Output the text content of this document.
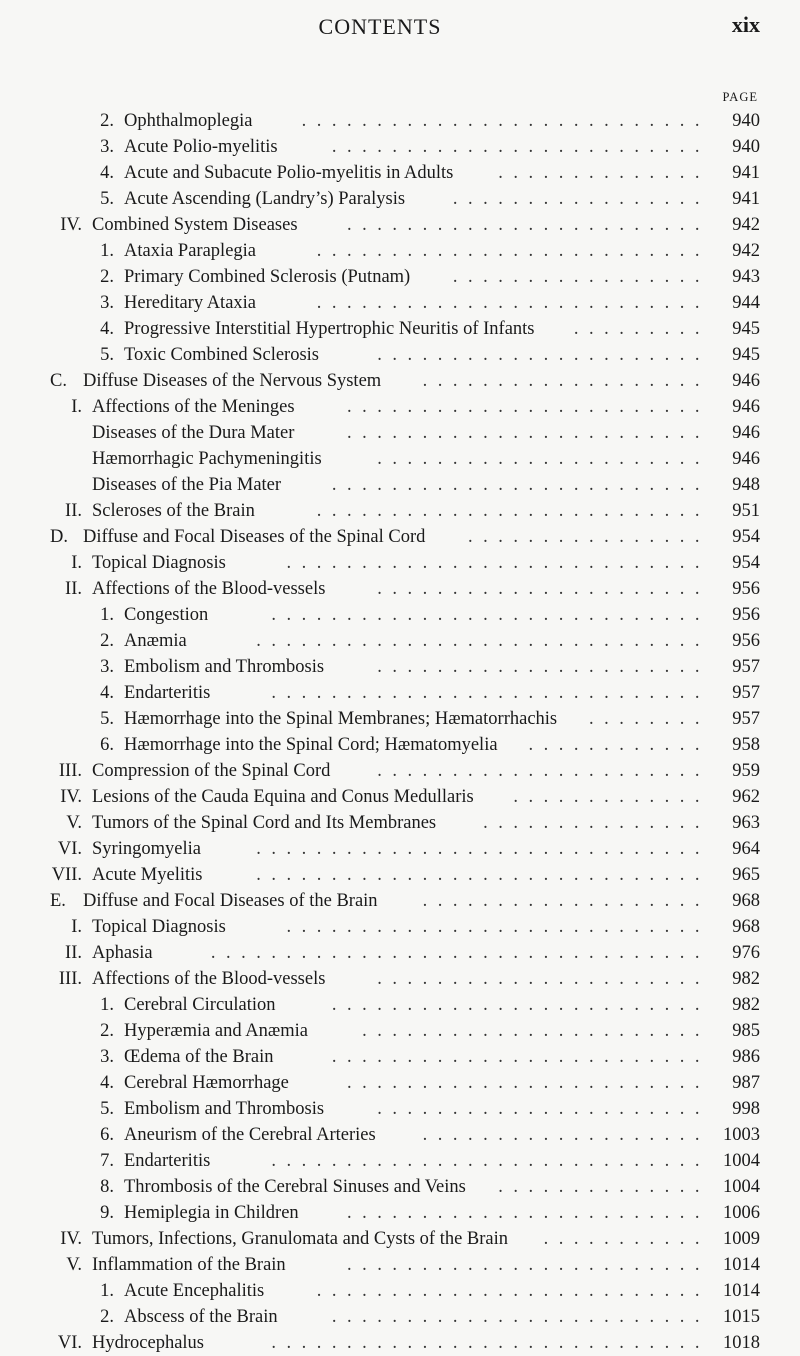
CONTENTS	xix
PAGE
2. Ophthalmoplegia	........................... 940
3. Acute Polio-myelitis	......................... 940
4. Acute and Subacute Polio-myelitis in Adults .............. 941
5. Acute Ascending (Landry’s) Paralysis	................. 941
IV. Combined System Diseases	........................ 942
1. Ataxia Paraplegia	.......................... 942
2. Primary Combined Sclerosis (Putnam) ................. 943
3. Hereditary Ataxia	.......................... 944
4. Progressive Interstitial Hypertrophic Neuritis of Infants ......... 945
5. Toxic Combined Sclerosis	...................... 945
C. Diffuse Diseases of the Nervous System ................... 946
I. Affections of the Meninges	........................ 946
Diseases of the Dura Mater	........................ 946
Hæmorrhagic Pachymeningitis	...................... 946
Diseases of the Pia Mater	......................... 948
II. Scleroses of the Brain	.......................... 951
D. Diffuse and Focal Diseases of the Spinal Cord ................ 954
I. Topical Diagnosis	............................ 954
II. Affections of the Blood-vessels	...................... 956
1. Congestion	............................. 956
2. Anæmia	.............................. 956
3. Embolism and Thrombosis	...................... 957
4. Endarteritis	............................. 957
5. Hæmorrhage into the Spinal Membranes; Hæmatorrhachis ........ 957
6. Hæmorrhage into the Spinal Cord; Hæmatomyelia ............ 958
III. Compression of the Spinal Cord	...................... 959
IV. Lesions of the Cauda Equina and Conus Medullaris ............. 962
V. Tumors of the Spinal Cord and Its Membranes	............... 963
VI. Syringomyelia	.............................. 964
VII. Acute Myelitis	.............................. 965
E. Diffuse and Focal Diseases of the Brain ................... 968
I. Topical Diagnosis	............................ 968
II. Aphasia	................................. 976
III. Affections of the Blood-vessels	...................... 982
1. Cerebral Circulation	......................... 982
2. Hyperæmia and Anæmia	....................... 985
3. Œdema of the Brain	......................... 986
4. Cerebral Hæmorrhage	........................ 987
5. Embolism and Thrombosis	...................... 998
6. Aneurism of the Cerebral Arteries	................... 1003
7. Endarteritis	............................. 1004
8. Thrombosis of the Cerebral Sinuses and Veins .............. 1004
9. Hemiplegia in Children	........................ 1006
IV. Tumors, Infections, Granulomata and Cysts of the Brain ........... 1009
V. Inflammation of the Brain	........................ 1014
1. Acute Encephalitis	.......................... 1014
2. Abscess of the Brain	......................... 1015
VI. Hydrocephalus	............................. 1018
